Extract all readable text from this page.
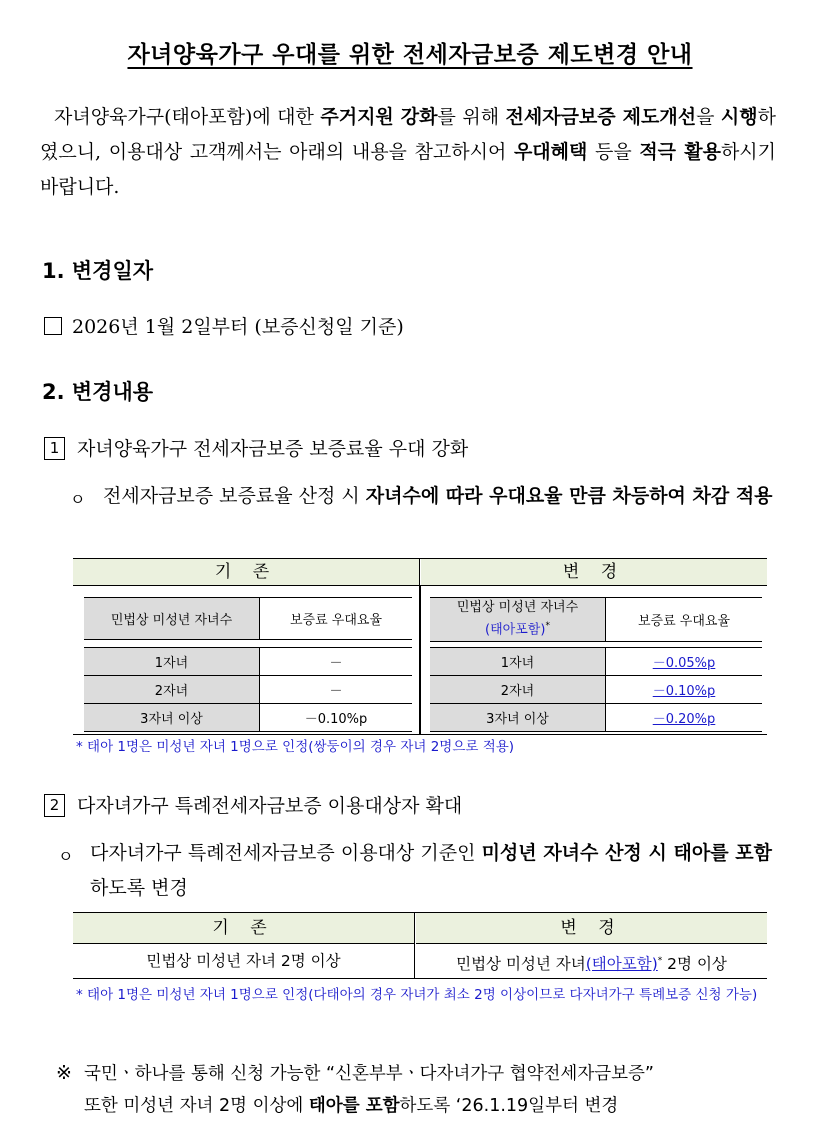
자녀양육가구 우대를 위한 전세자금보증 제도변경 안내
자녀양육가구(태아포함)에 대한 주거지원 강화를 위해 전세자금보증 제도개선을 시행하였으니, 이용대상 고객께서는 아래의 내용을 참고하시어 우대혜택 등을 적극 활용하시기 바랍니다.
1. 변경일자
2026년 1월 2일부터 (보증신청일 기준)
2. 변경내용
1 자녀양육가구 전세자금보증 보증료율 우대 강화
ㅇ 전세자금보증 보증료율 산정 시 자녀수에 따라 우대요율 만큼 차등하여 차감 적용
기 존	변 경
민법상 미성년 자녀수	보증료 우대요율

1자녀	－
2자녀	－
3자녀 이상	－0.10%p
민법상 미성년 자녀수
(태아포함)*	보증료 우대요율

1자녀	－0.05%p
2자녀	－0.10%p
3자녀 이상	－0.20%p
* 태아 1명은 미성년 자녀 1명으로 인정(쌍둥이의 경우 자녀 2명으로 적용)
2 다자녀가구 특례전세자금보증 이용대상자 확대
ㅇ 다자녀가구 특례전세자금보증 이용대상 기준인 미성년 자녀수 산정 시 태아를 포함하도록 변경
기 존	변 경
민법상 미성년 자녀 2명 이상	민법상 미성년 자녀(태아포함)* 2명 이상
* 태아 1명은 미성년 자녀 1명으로 인정(다태아의 경우 자녀가 최소 2명 이상이므로 다자녀가구 특례보증 신청 가능)
※ 국민ㆍ하나를 통해 신청 가능한 “신혼부부ㆍ다자녀가구 협약전세자금보증”
또한 미성년 자녀 2명 이상에 태아를 포함하도록 ‘26.1.19일부터 변경
